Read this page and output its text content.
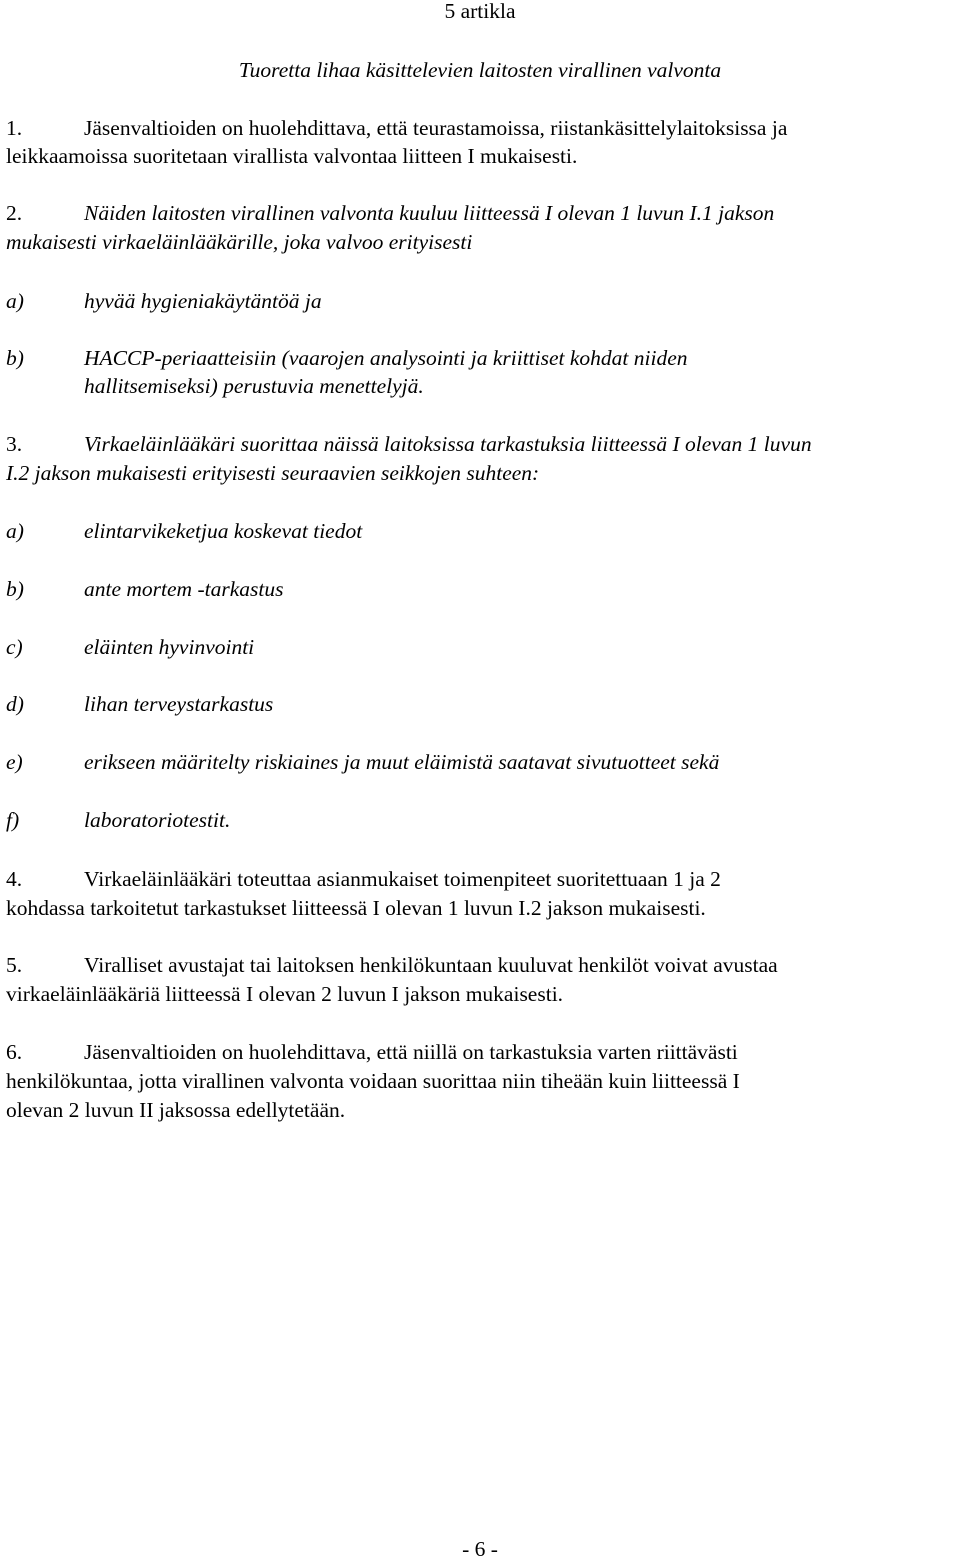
5 artikla
Tuoretta lihaa käsittelevien laitosten virallinen valvonta
1.	Jäsenvaltioiden on huolehdittava, että teurastamoissa, riistankäsittelylaitoksissa ja
leikkaamoissa suoritetaan virallista valvontaa liitteen I mukaisesti.
2.	Näiden laitosten virallinen valvonta kuuluu liitteessä I olevan 1 luvun I.1 jakson
mukaisesti virkaeläinlääkärille, joka valvoo erityisesti
a)	hyvää hygieniakäytäntöä ja
b)	HACCP-periaatteisiin (vaarojen analysointi ja kriittiset kohdat niiden
hallitsemiseksi) perustuvia menettelyjä.
3.	Virkaeläinlääkäri suorittaa näissä laitoksissa tarkastuksia liitteessä I olevan 1 luvun
I.2 jakson mukaisesti erityisesti seuraavien seikkojen suhteen:
a)	elintarvikeketjua koskevat tiedot
b)	ante mortem -tarkastus
c)	eläinten hyvinvointi
d)	lihan terveystarkastus
e)	erikseen määritelty riskiaines ja muut eläimistä saatavat sivutuotteet sekä
f)	laboratoriotestit.
4.	Virkaeläinlääkäri toteuttaa asianmukaiset toimenpiteet suoritettuaan 1 ja 2
kohdassa tarkoitetut tarkastukset liitteessä I olevan 1 luvun I.2 jakson mukaisesti.
5.	Viralliset avustajat tai laitoksen henkilökuntaan kuuluvat henkilöt voivat avustaa
virkaeläinlääkäriä liitteessä I olevan 2 luvun I jakson mukaisesti.
6.	Jäsenvaltioiden on huolehdittava, että niillä on tarkastuksia varten riittävästi
henkilökuntaa, jotta virallinen valvonta voidaan suorittaa niin tiheään kuin liitteessä I
olevan 2 luvun II jaksossa edellytetään.
- 6 -
